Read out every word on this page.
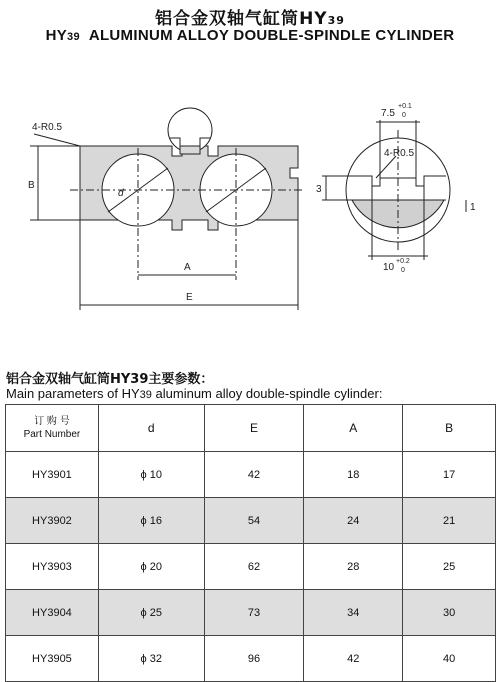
铝合金双轴气缸筒HY39
HY39 ALUMINUM ALLOY DOUBLE-SPINDLE CYLINDER
4-R0.5
B
d
A
E
7.5
+0.1
0
4-R0.5
3
1
10
+0.2
0
铝合金双轴气缸筒HY39主要参数：
Main parameters of HY39 aluminum alloy double-spindle cylinder:
订 购 号
Part Number	d	E	A	B
HY3901	ϕ 10	42	18	17
HY3902	ϕ 16	54	24	21
HY3903	ϕ 20	62	28	25
HY3904	ϕ 25	73	34	30
HY3905	ϕ 32	96	42	40
